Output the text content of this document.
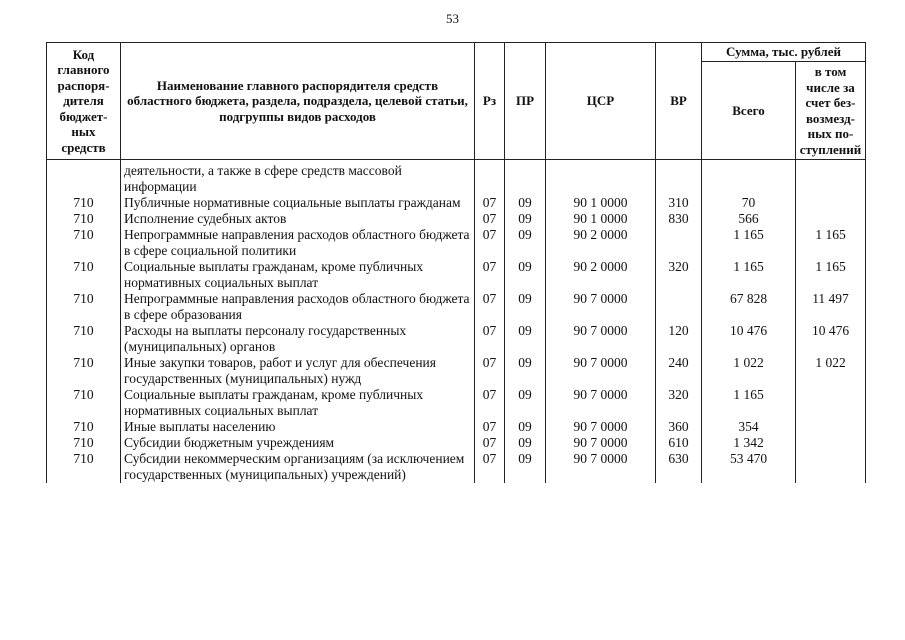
53
Код главного распоря-дителя бюджет-ных средств	Наименование главного распорядителя средств областного бюджета, раздела, подраздела, целевой статьи, подгруппы видов расходов	Рз	ПР	ЦСР	ВР	Сумма, тыс. рублей	
						Всего	в том числе за счет без-возмезд-ных по-ступлений
	деятельности, а также в сфере средств массовой информации						
710	Публичные нормативные социальные выплаты гражданам	07	09	90 1 0000	310	70	
710	Исполнение судебных актов	07	09	90 1 0000	830	566	
710	Непрограммные направления расходов областного бюджета в сфере социальной политики	07	09	90 2 0000		1 165	1 165
710	Социальные выплаты гражданам, кроме публичных нормативных социальных выплат	07	09	90 2 0000	320	1 165	1 165
710	Непрограммные направления расходов областного бюджета в сфере образования	07	09	90 7 0000		67 828	11 497
710	Расходы на выплаты персоналу государственных (муниципальных) органов	07	09	90 7 0000	120	10 476	10 476
710	Иные закупки товаров, работ и услуг для обеспечения государственных (муниципальных) нужд	07	09	90 7 0000	240	1 022	1 022
710	Социальные выплаты гражданам, кроме публичных нормативных социальных выплат	07	09	90 7 0000	320	1 165	
710	Иные выплаты населению	07	09	90 7 0000	360	354	
710	Субсидии бюджетным учреждениям	07	09	90 7 0000	610	1 342	
710	Субсидии некоммерческим организациям (за исключением государственных (муниципальных) учреждений)	07	09	90 7 0000	630	53 470	
